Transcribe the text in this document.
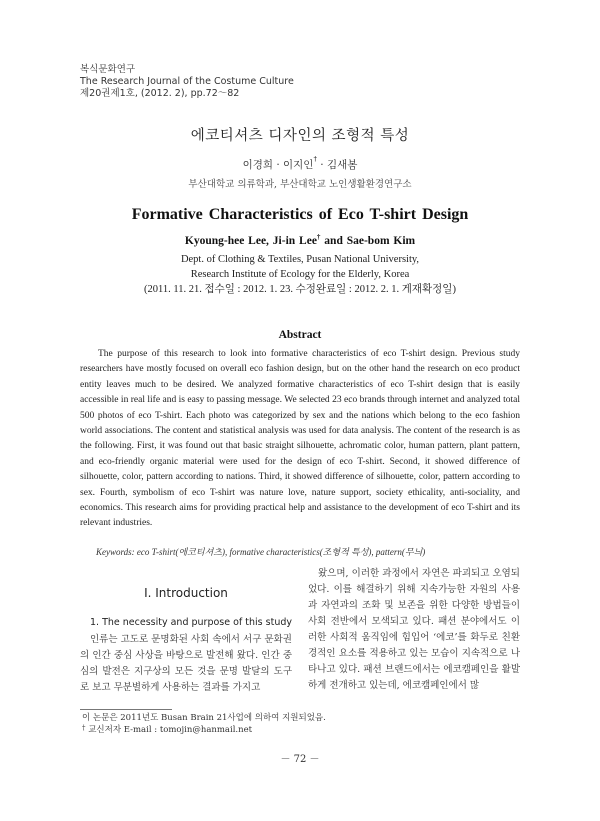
복식문화연구
The Research Journal of the Costume Culture
제20권제1호, (2012. 2), pp.72～82
에코티셔츠 디자인의 조형적 특성
이경희 · 이지인† · 김새봄
부산대학교 의류학과, 부산대학교 노인생활환경연구소
Formative Characteristics of Eco T-shirt Design
Kyoung-hee Lee, Ji-in Lee† and Sae-bom Kim
Dept. of Clothing & Textiles, Pusan National University,
Research Institute of Ecology for the Elderly, Korea
(2011. 11. 21. 접수일 : 2012. 1. 23. 수정완료일 : 2012. 2. 1. 게재확정일)
Abstract
The purpose of this research to look into formative characteristics of eco T-shirt design. Previous study researchers have mostly focused on overall eco fashion design, but on the other hand the research on eco product entity leaves much to be desired. We analyzed formative characteristics of eco T-shirt design that is easily accessible in real life and is easy to passing message. We selected 23 eco brands through internet and analyzed total 500 photos of eco T-shirt. Each photo was categorized by sex and the nations which belong to the eco fashion world associations. The content and statistical analysis was used for data analysis. The content of the research is as the following. First, it was found out that basic straight silhouette, achromatic color, human pattern, plant pattern, and eco-friendly organic material were used for the design of eco T-shirt. Second, it showed difference of silhouette, color, pattern according to nations. Third, it showed difference of silhouette, color, pattern according to sex. Fourth, symbolism of eco T-shirt was nature love, nature support, society ethicality, anti-sociality, and economics. This research aims for providing practical help and assistance to the development of eco T-shirt and its relevant industries.
Keywords: eco T-shirt(에코티셔츠), formative characteristics(조형적 특성), pattern(무늬)
Ⅰ. Introduction
1. The necessity and purpose of this study
인류는 고도로 문명화된 사회 속에서 서구 문화권의 인간 중심 사상을 바탕으로 발전해 왔다. 인간 중심의 발전은 지구상의 모든 것을 문명 발달의 도구로 보고 무분별하게 사용하는 결과를 가지고
왔으며, 이러한 과정에서 자연은 파괴되고 오염되었다. 이를 해결하기 위해 지속가능한 자원의 사용과 자연과의 조화 및 보존을 위한 다양한 방법들이 사회 전반에서 모색되고 있다. 패션 분야에서도 이러한 사회적 움직임에 힘입어 ‘에코’를 화두로 친환경적인 요소를 적용하고 있는 모습이 지속적으로 나타나고 있다. 패션 브랜드에서는 에코캠페인을 활발하게 전개하고 있는데, 에코캠페인에서 많
이 논문은 2011년도 Busan Brain 21사업에 의하여 지원되었음.
† 교신저자 E-mail : tomojin@hanmail.net
－ 72 －
